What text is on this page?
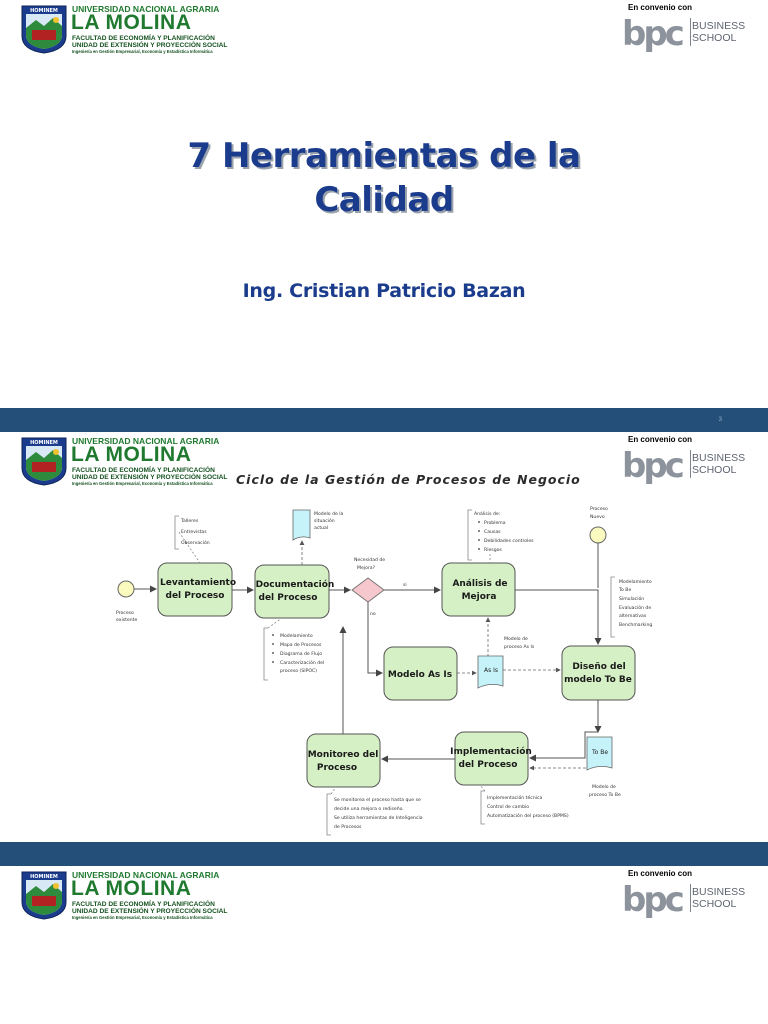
HOMINEM UNIVERSIDAD NACIONAL AGRARIA
LA MOLINA
FACULTAD DE ECONOMÍA Y PLANIFICACIÓN
UNIDAD DE EXTENSIÓN Y PROYECCIÓN SOCIAL
Ingeniería en Gestión Empresarial, Economía y Estadística Informática
En convenio con
bpc BUSINESS
SCHOOL
7 Herramientas de la
Calidad
Ing. Cristian Patricio Bazan
3
HOMINEM UNIVERSIDAD NACIONAL AGRARIA
LA MOLINA
FACULTAD DE ECONOMÍA Y PLANIFICACIÓN
UNIDAD DE EXTENSIÓN Y PROYECCIÓN SOCIAL
Ingeniería en Gestión Empresarial, Economía y Estadística Informática
En convenio con
bpc BUSINESS
SCHOOL
Ciclo de la Gestión de Procesos de Negocio
Proceso
existente
Proceso
Nuevo
Levantamiento
del Proceso
Documentación
del Proceso
Análisis de
Mejora
Modelo As Is
Diseño del
modelo To Be
Implementación
del Proceso
Monitoreo del
Proceso
Necesidad de
Mejora?
si
no
Modelo de la
situación
actual
As Is
Modelo de
proceso As Is
To Be
Modelo de
proceso To Be
Talleres
Entrevistas
Observación
Modelamiento
Mapa de Procesos
Diagrama de Flujo
Caracterización del
proceso (SIPOC)
Análisis de:
Problema
Causas
Debilidades controles
Riesgos
Modelamiento
To Be
Simulación
Evaluación de
alternativas
Benchmarking
Implementación técnica
Control de cambio
Automatización del proceso (BPMS)
Se monitorea el proceso hasta que se
decide una mejora o rediseño.
Se utiliza herramientas de Inteligencia
de Procesos
HOMINEM UNIVERSIDAD NACIONAL AGRARIA
LA MOLINA
FACULTAD DE ECONOMÍA Y PLANIFICACIÓN
UNIDAD DE EXTENSIÓN Y PROYECCIÓN SOCIAL
Ingeniería en Gestión Empresarial, Economía y Estadística Informática
En convenio con
bpc BUSINESS
SCHOOL
